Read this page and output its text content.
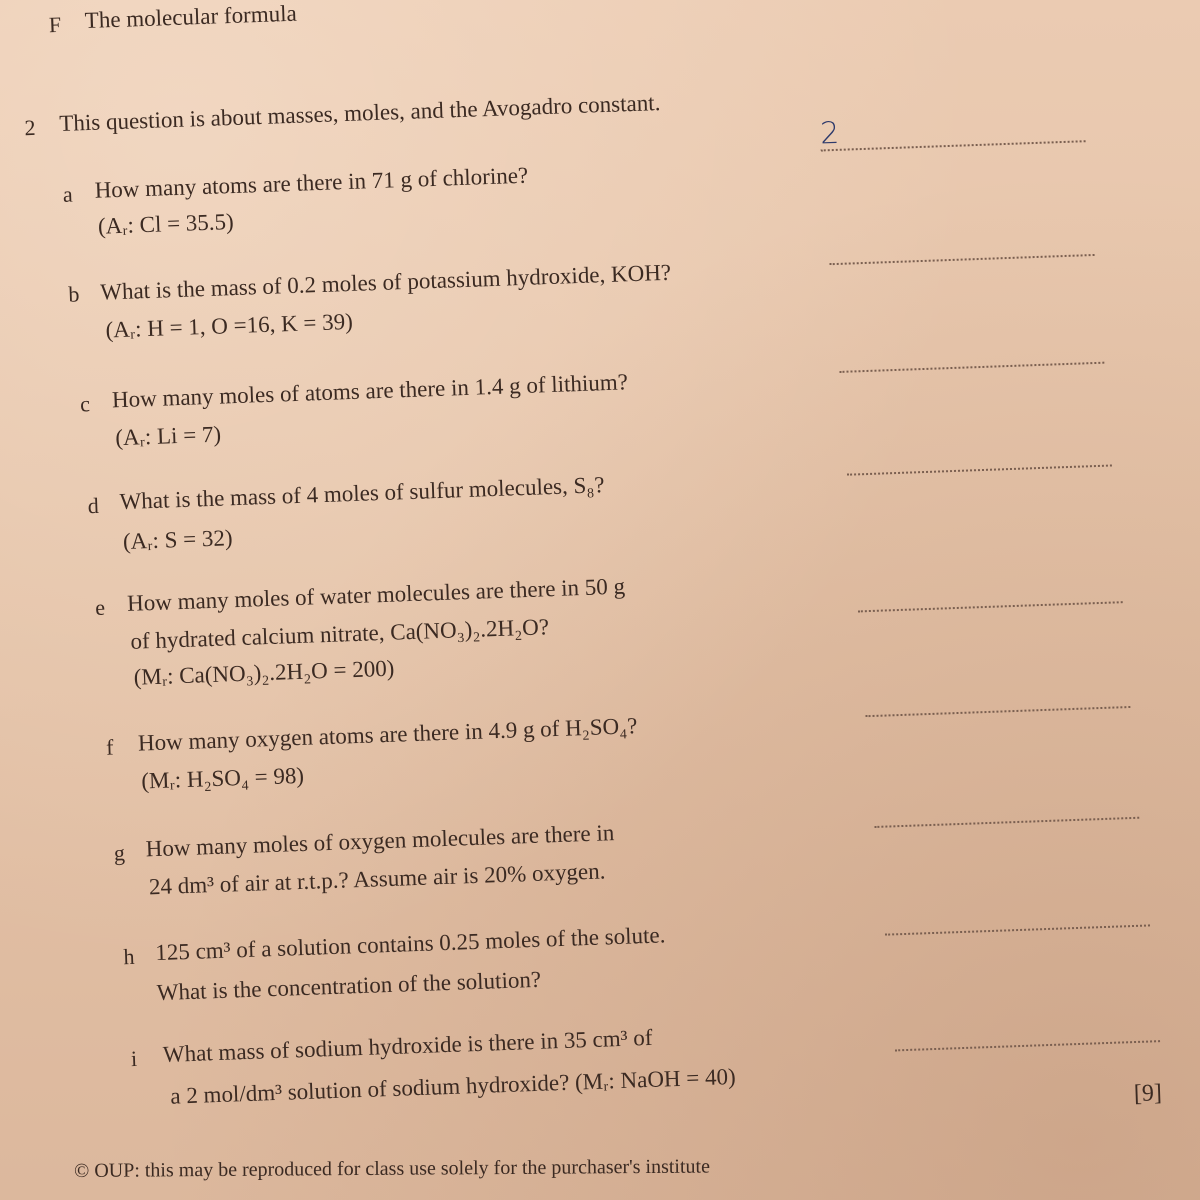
F The molecular formula
2 This question is about masses, moles, and the Avogadro constant.
a How many atoms are there in 71 g of chlorine?
(Aᵣ: Cl = 35.5)
2
b What is the mass of 0.2 moles of potassium hydroxide, KOH?
(Aᵣ: H = 1, O =16, K = 39)
c How many moles of atoms are there in 1.4 g of lithium?
(Aᵣ: Li = 7)
d What is the mass of 4 moles of sulfur molecules, S₈?
(Aᵣ: S = 32)
e How many moles of water molecules are there in 50 g
of hydrated calcium nitrate, Ca(NO₃)₂.2H₂O?
(Mᵣ: Ca(NO₃)₂.2H₂O = 200)
f How many oxygen atoms are there in 4.9 g of H₂SO₄?
(Mᵣ: H₂SO₄ = 98)
g How many moles of oxygen molecules are there in
24 dm³ of air at r.t.p.? Assume air is 20% oxygen.
h 125 cm³ of a solution contains 0.25 moles of the solute.
What is the concentration of the solution?
i What mass of sodium hydroxide is there in 35 cm³ of
a 2 mol/dm³ solution of sodium hydroxide? (Mᵣ: NaOH = 40)	[9]
© OUP: this may be reproduced for class use solely for the purchaser's institute
